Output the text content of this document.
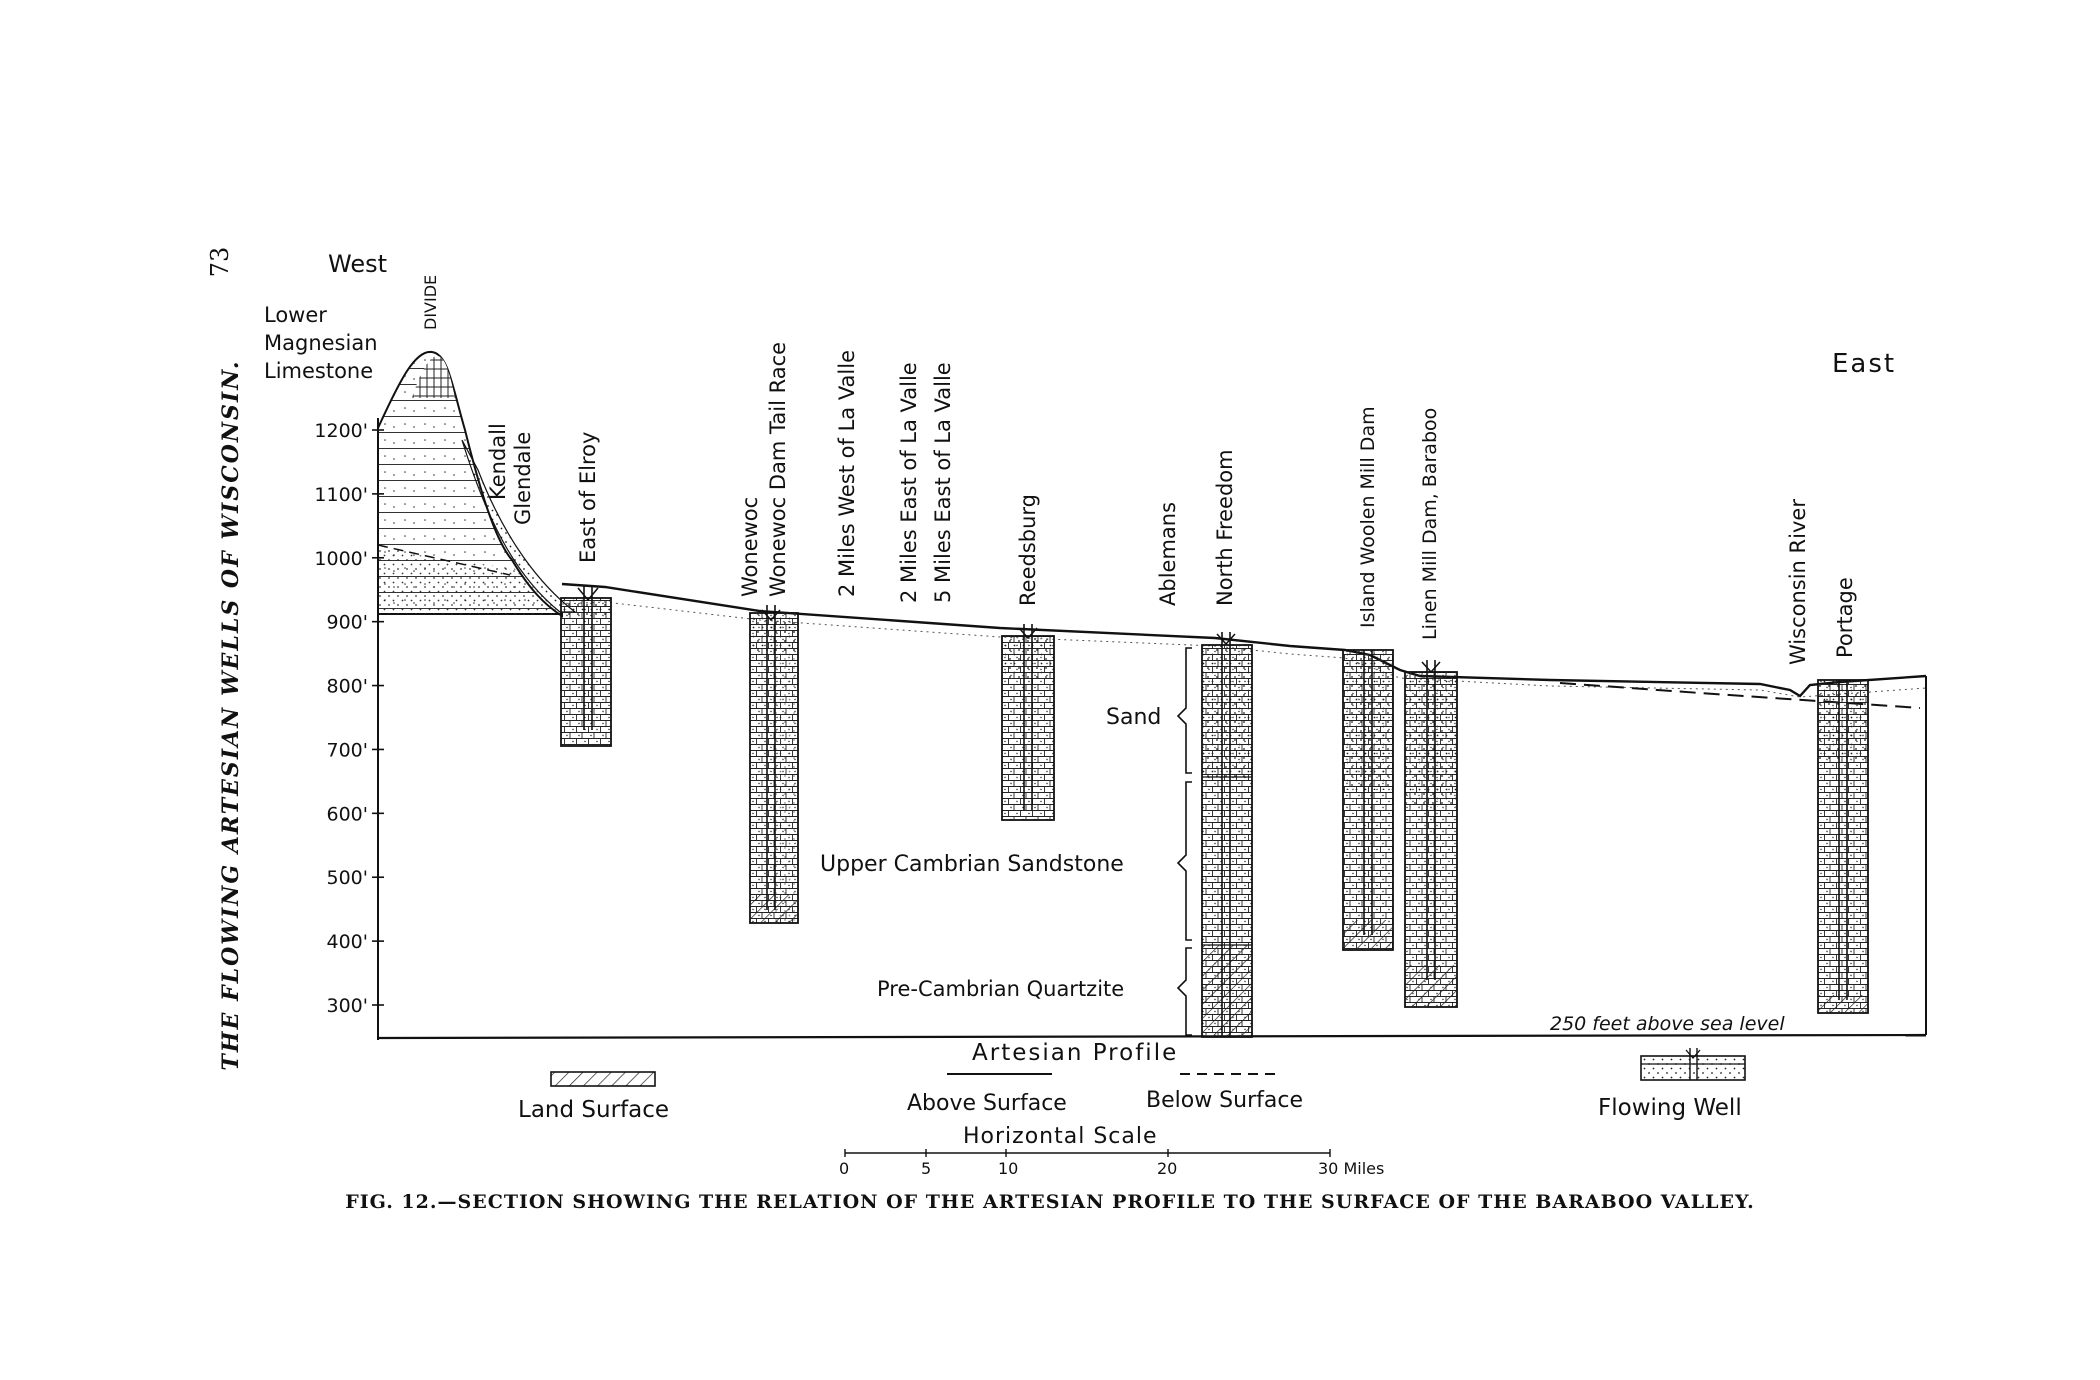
73
THE FLOWING ARTESIAN WELLS OF WISCONSIN.
West
East
DIVIDE
Lower
Magnesian
Limestone
1200'
1100'
1000'
900'
800'
700'
600'
500'
400'
300'
Kendall Glendale East of Elroy	Wonewoc Wonewoc Dam Tail Race 2 Miles West of La Valle 2 Miles East of La Valle 5 Miles East of La Valle	Reedsburg	Ablemans North Freedom	Island Woolen Mill Dam Linen Mill Dam, Baraboo	Wisconsin River Portage
Sand
Upper Cambrian Sandstone
Pre-Cambrian Quartzite
250 feet above sea level
Artesian Profile
Land Surface	Above Surface	Below Surface	Flowing Well
Horizontal Scale
0	5	10	20	30 Miles
FIG. 12.—SECTION SHOWING THE RELATION OF THE ARTESIAN PROFILE TO THE SURFACE OF THE BARABOO VALLEY.
